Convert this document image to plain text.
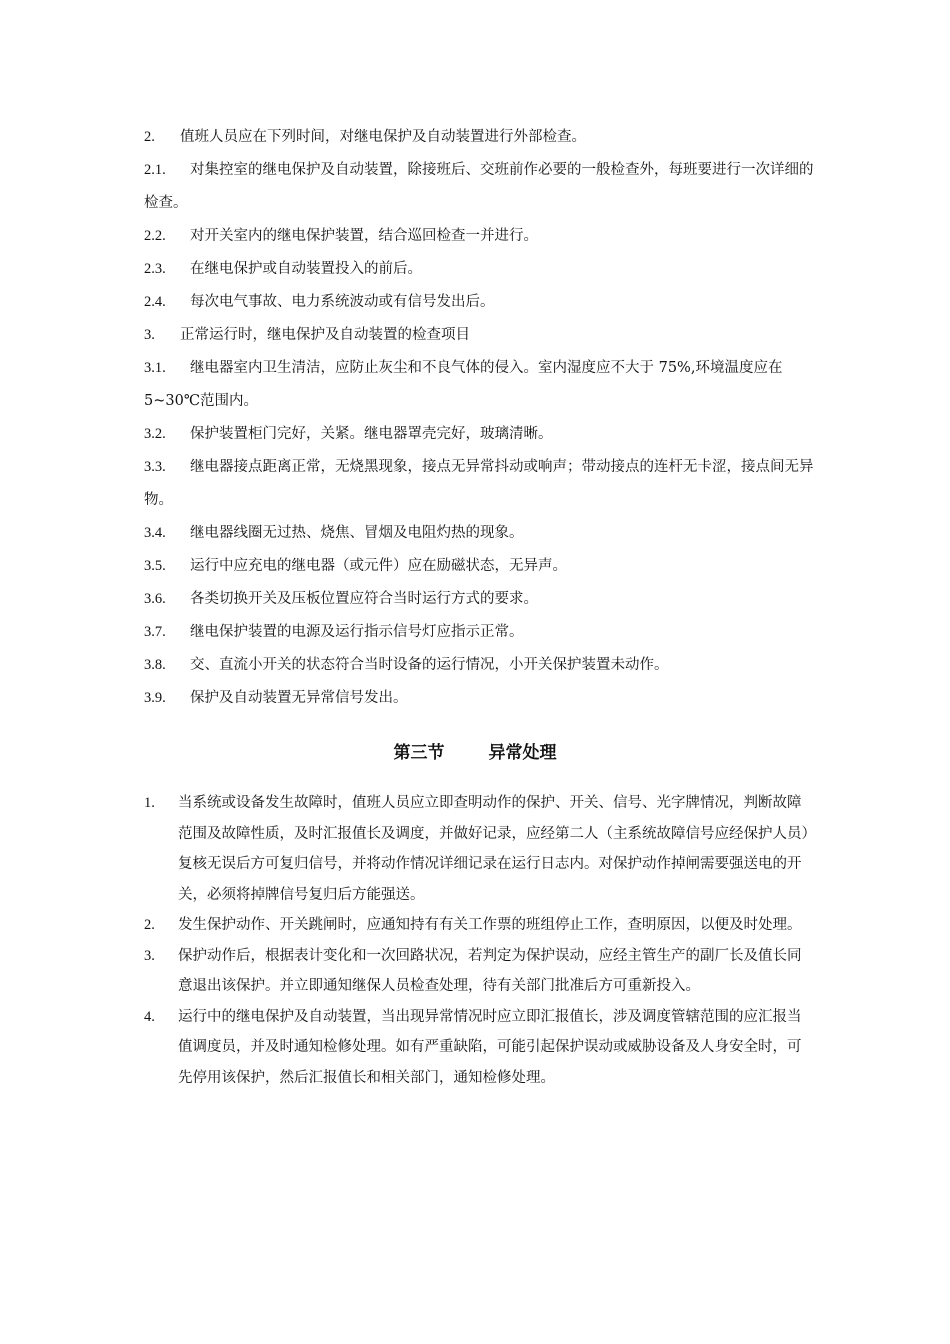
2. 值班人员应在下列时间，对继电保护及自动装置进行外部检查。
2.1. 对集控室的继电保护及自动装置，除接班后、交班前作必要的一般检查外，每班要进行一次详细的检查。
2.2. 对开关室内的继电保护装置，结合巡回检查一并进行。
2.3. 在继电保护或自动装置投入的前后。
2.4. 每次电气事故、电力系统波动或有信号发出后。
3. 正常运行时，继电保护及自动装置的检查项目
3.1. 继电器室内卫生清洁，应防止灰尘和不良气体的侵入。室内湿度应不大于 75%,环境温度应在 5~30℃范围内。
3.2. 保护装置柜门完好，关紧。继电器罩壳完好，玻璃清晰。
3.3. 继电器接点距离正常，无烧黑现象，接点无异常抖动或响声；带动接点的连杆无卡涩，接点间无异物。
3.4. 继电器线圈无过热、烧焦、冒烟及电阻灼热的现象。
3.5. 运行中应充电的继电器（或元件）应在励磁状态，无异声。
3.6. 各类切换开关及压板位置应符合当时运行方式的要求。
3.7. 继电保护装置的电源及运行指示信号灯应指示正常。
3.8. 交、直流小开关的状态符合当时设备的运行情况，小开关保护装置未动作。
3.9. 保护及自动装置无异常信号发出。
第三节	异常处理
1.	当系统或设备发生故障时，值班人员应立即查明动作的保护、开关、信号、光字牌情况，判断故障范围及故障性质，及时汇报值长及调度，并做好记录，应经第二人（主系统故障信号应经保护人员）复核无误后方可复归信号，并将动作情况详细记录在运行日志内。对保护动作掉闸需要强送电的开关，必须将掉牌信号复归后方能强送。
2.	发生保护动作、开关跳闸时，应通知持有有关工作票的班组停止工作，查明原因，以便及时处理。
3.	保护动作后，根据表计变化和一次回路状况，若判定为保护误动，应经主管生产的副厂长及值长同意退出该保护。并立即通知继保人员检查处理，待有关部门批准后方可重新投入。
4.	运行中的继电保护及自动装置，当出现异常情况时应立即汇报值长，涉及调度管辖范围的应汇报当值调度员，并及时通知检修处理。如有严重缺陷，可能引起保护误动或威胁设备及人身安全时，可先停用该保护，然后汇报值长和相关部门，通知检修处理。
